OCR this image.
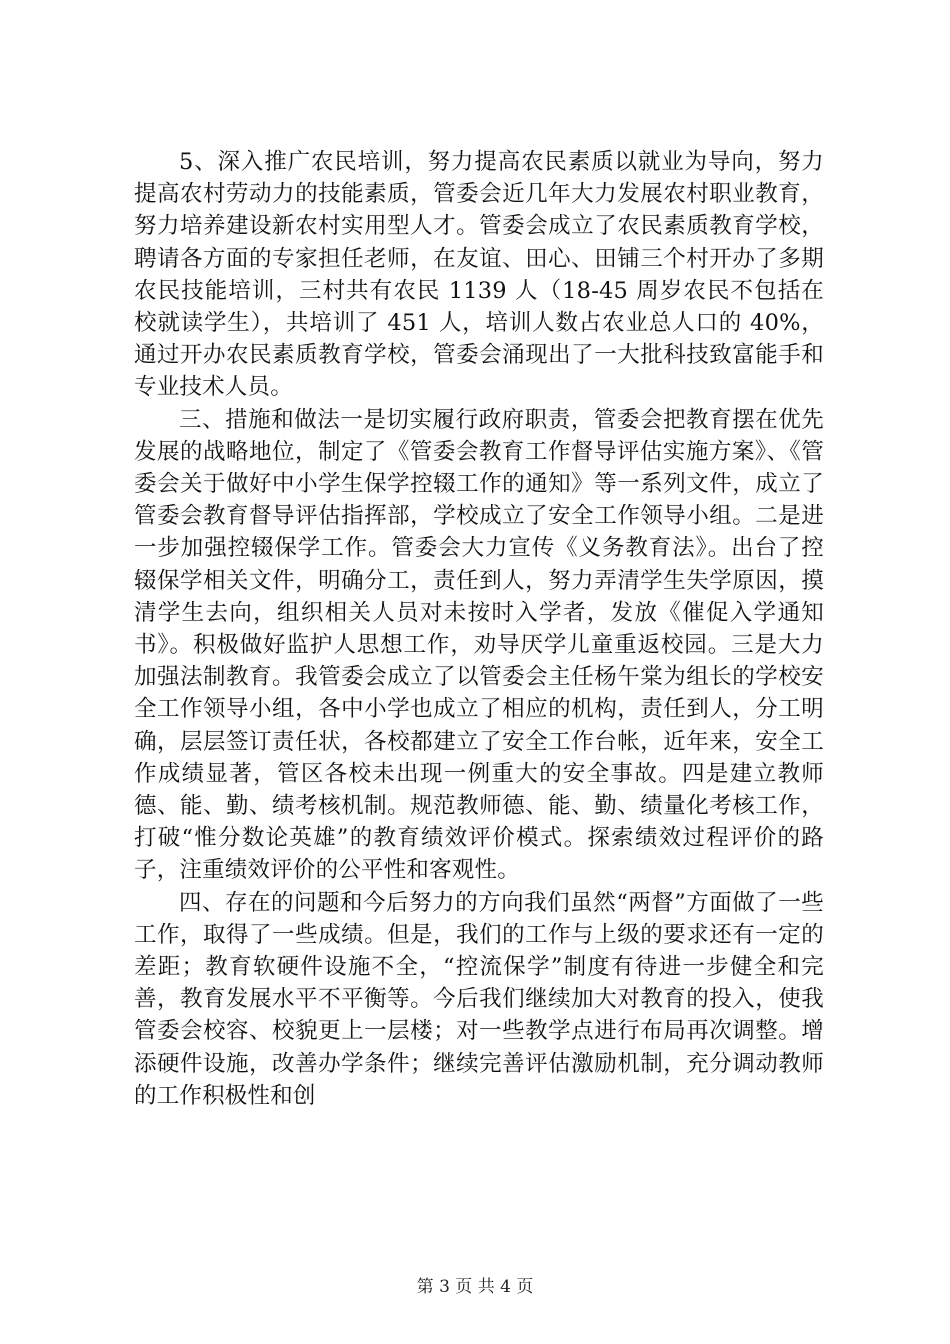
5、深入推广农民培训，努力提高农民素质以就业为导向，努力提高农村劳动力的技能素质，管委会近几年大力发展农村职业教育，努力培养建设新农村实用型人才。管委会成立了农民素质教育学校，聘请各方面的专家担任老师，在友谊、田心、田铺三个村开办了多期农民技能培训，三村共有农民 1139 人（18-45 周岁农民不包括在校就读学生），共培训了 451 人，培训人数占农业总人口的 40%，通过开办农民素质教育学校，管委会涌现出了一大批科技致富能手和专业技术人员。

三、措施和做法一是切实履行政府职责，管委会把教育摆在优先发展的战略地位，制定了《管委会教育工作督导评估实施方案》、《管委会关于做好中小学生保学控辍工作的通知》等一系列文件，成立了管委会教育督导评估指挥部，学校成立了安全工作领导小组。二是进一步加强控辍保学工作。管委会大力宣传《义务教育法》。出台了控辍保学相关文件，明确分工，责任到人，努力弄清学生失学原因，摸清学生去向，组织相关人员对未按时入学者，发放《催促入学通知书》。积极做好监护人思想工作，劝导厌学儿童重返校园。三是大力加强法制教育。我管委会成立了以管委会主任杨午棠为组长的学校安全工作领导小组，各中小学也成立了相应的机构，责任到人，分工明确，层层签订责任状，各校都建立了安全工作台帐，近年来，安全工作成绩显著，管区各校未出现一例重大的安全事故。四是建立教师德、能、勤、绩考核机制。规范教师德、能、勤、绩量化考核工作，打破“惟分数论英雄”的教育绩效评价模式。探索绩效过程评价的路子，注重绩效评价的公平性和客观性。

四、存在的问题和今后努力的方向我们虽然“两督”方面做了一些工作，取得了一些成绩。但是，我们的工作与上级的要求还有一定的差距；教育软硬件设施不全，“控流保学”制度有待进一步健全和完善，教育发展水平不平衡等。今后我们继续加大对教育的投入，使我管委会校容、校貌更上一层楼；对一些教学点进行布局再次调整。增添硬件设施，改善办学条件；继续完善评估激励机制，充分调动教师的工作积极性和创

第 3 页 共 4 页
